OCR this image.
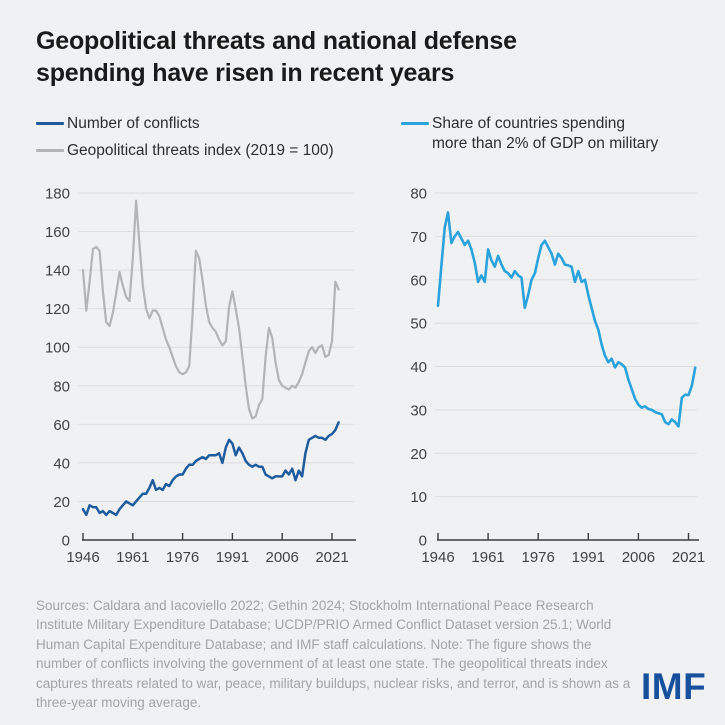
Geopolitical threats and national defense
spending have risen in recent years
Number of conflicts
Geopolitical threats index (2019 = 100)
Share of countries spending
more than 2% of GDP on military
0
20
40
60
80
100
120
140
160
180
1946 1961 1976 1991 2006 2021
0
10
20
30
40
50
60
70
80
1946 1961 1976 1991 2006 2021
Sources: Caldara and Iacoviello 2022; Gethin 2024; Stockholm International Peace Research Institute Military Expenditure Database; UCDP/PRIO Armed Conflict Dataset version 25.1; World Human Capital Expenditure Database; and IMF staff calculations. Note: The figure shows the number of conflicts involving the government of at least one state. The geopolitical threats index captures threats related to war, peace, military buildups, nuclear risks, and terror, and is shown as a three-year moving average.	IMF
